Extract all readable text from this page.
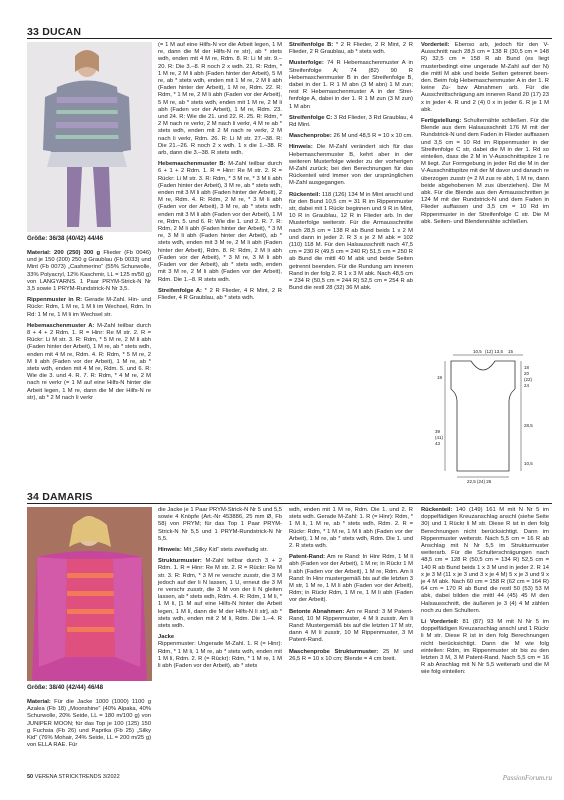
33 DUCAN
Größe: 36/38 (40/42) 44/46

Material: 200 (250) 300 g Flieder (Fb 0046) und je 150 (200) 250 g Graublau (Fb 0033) und Mint (Fb 0073) „Cashmerino“ (55% Schurwolle, 33% Polyacryl, 12% Kaschmir, LL = 125 m/50 g) von LANGYARNS. 1 Paar PRYM-Strick-N Nr 3,5 sowie 1 PRYM-Rundstrick-N Nr 3,5.

Rippenmuster in R: Gerade M-Zahl. Hin- und Rückr: Rdm, 1 M re, 1 M li im Wechsel, Rdm. In Rd: 1 M re, 1 M li im Wechsel str.

Hebemaschenmuster A: M-Zahl teilbar durch 8 + 4 + 2 Rdm. 1. R = Hinr: Re M str. 2. R = Rückr: Li M str. 3. R: Rdm, * 5 M re, 2 M li abh (Faden hinter der Arbeit), 1 M re, ab * stets wdh, enden mit 4 M re, Rdm. 4. R: Rdm, * 5 M re, 2 M li abh (Faden vor der Arbeit), 1 M re, ab * stets wdh, enden mit 4 M re, Rdm. 5. und 6. R: Wie die 3. und 4. R. 7. R: Rdm, * 4 M re, 2 M nach re verkr (= 1 M auf eine Hilfs-N hinter die Arbeit legen, 1 M re, dann die M der Hilfs-N re str), ab * 2 M nach li verkr

(= 1 M auf eine Hilfs-N vor die Arbeit legen, 1 M re, dann die M der Hilfs-N re str), ab * stets wdh, enden mit 4 M re, Rdm. 8. R: Li M str. 9.–20. R: Die 3.–8. R noch 2 x wdh. 21. R: Rdm, * 1 M re, 2 M li abh (Faden hinter der Arbeit), 5 M re, ab * stets wdh, enden mit 1 M re, 2 M li abh (Faden hinter der Arbeit), 1 M re, Rdm. 22. R: Rdm, * 1 M re, 2 M li abh (Faden vor der Arbeit), 5 M re, ab * stets wdh, enden mit 1 M re, 2 M li abh (Faden vor der Arbeit), 1 M re, Rdm. 23. und 24. R: Wie die 21. und 22. R. 25. R: Rdm, * 2 M nach re verkr, 2 M nach li verkr, 4 M re ab * stets wdh, enden mit 2 M nach re verkr, 2 M nach li verkr, Rdm. 26. R: Li M str. 27.–38. R: Die 21.–26. R noch 2 x wdh. 1 x die 1.–38. R arb, dann die 3.–38. R stets wdh.

Hebemaschenmuster B: M-Zahl teilbar durch 6 + 1 + 2 Rdm. 1. R = Hinr: Re M str. 2. R = Rückr: Li M str. 3. R: Rdm, * 3 M re, * 3 M li abh (Faden hinter der Arbeit), 3 M re, ab * stets wdh, enden mit 3 M li abh (Faden hinter der Arbeit), 2 M re, Rdm. 4. R: Rdm, 2 M re, * 3 M li abh (Faden vor der Arbeit), 3 M re, ab * stets wdh, enden mit 3 M li abh (Faden vor der Arbeit), 1 M re, Rdm. 5. und 6. R: Wie die 1. und 2. R. 7. R: Rdm, 2 M li abh (Faden hinter der Arbeit), * 3 M re, 3 M li abh (Faden hinter der Arbeit), ab * stets wdh, enden mit 3 M re, 2 M li abh (Faden hinter der Arbeit), Rdm. 8. R: Rdm, 2 M li abh (Faden vor der Arbeit), * 3 M re, 3 M li abh (Faden vor der Arbeit), ab * stets wdh, enden mit 3 M re, 2 M li abh (Faden vor der Arbeit), Rdm. Die 1.–8. R stets wdh.

Streifenfolge A: * 2 R Flieder, 4 R Mint, 2 R Flieder, 4 R Graublau, ab * stets wdh.

Streifenfolge B: * 2 R Flieder, 2 R Mint, 2 R Flieder, 2 R Graublau, ab * stets wdh.

Musterfolge: 74 R Hebemaschenmuster A in Streifenfolge A; 74 (82) 90 R Hebemaschenmuster B in der Streifenfolge B, dabei in der 1. R 1 M abn (3 M abn) 1 M zun; rest R Hebemaschenmuster A in der Streifenfolge A, dabei in der 1. R 1 M zun (3 M zun) 1 M abn

Streifenfolge C: 3 Rd Flieder, 3 Rd Graublau, 4 Rd Mint.

Maschenprobe: 26 M und 48,5 R = 10 x 10 cm.

Hinweis: Die M-Zahl verändert sich für das Hebemaschenmuster B, kehrt aber in der weiteren Musterfolge wieder zu der vorherigen M-Zahl zurück; bei den Berechnungen für das Rückenteil wird immer von der ursprünglichen M-Zahl ausgegangen.

Rückenteil: 118 (126) 134 M in Mint anschl und für den Bund 10,5 cm = 31 R im Rippenmuster str, dabei mit 1 Rückr beginnen und 9 R in Mint, 10 R in Graublau, 12 R in Flieder arb. In der Musterfolge weiterstr. Für die Armausschnitte nach 28,5 cm = 138 R ab Bund beids 1 x 2 M und dann in jeder 2. R 3 x je 2 M abk = 102 (110) 118 M. Für den Halsausschnitt nach 47,5 cm = 230 R (49,5 cm = 240 R) 51,5 cm = 250 R ab Bund die mittl 40 M abk und beide Seiten getrennt beenden. Für die Rundung am inneren Rand in der folg 2. R 1 x 3 M abk. Nach 48,5 cm = 234 R (50,5 cm = 244 R) 52,5 cm = 254 R ab Bund die restl 28 (32) 36 M abk.

Vorderteil: Ebenso arb, jedoch für den V-Ausschnitt nach 28,5 cm = 138 R (30,5 cm = 148 R) 32,5 cm = 158 R ab Bund (es liegt musterbedingt eine ungerade M-Zahl auf der N) die mittl M abk und beide Seiten getrennt beenden. Beim folg Hebemaschenmuster A in der 1. R keine Zu- bzw Abnahmen arb. Für die Ausschnittschrägung am inneren Rand 20 (17) 23 x in jeder 4. R und 2 (4) 0 x in jeder 6. R je 1 M abk.

Fertigstellung: Schulternähte schließen. Für die Blende aus dem Halsausschnitt 176 M mit der Rundstrick-N und dem Faden in Flieder auffassen und 3,5 cm = 10 Rd im Rippenmuster in der Streifenfolge C str, dabei die M in der 1. Rd so einteilen, dass die 2 M in V-Ausschnittspitze 1 re M liegt. Zur Formgebung in jeder Rd die M in der V-Ausschnittspitze mit der M davor und danach re überzogen zusstr (= 2 M zus re abh, 1 M re, dann beide abgehobenen M zus überziehen). Die M abk. Für die Blende aus den Armausschnitten je 124 M mit der Rundstrick-N und dem Faden in Flieder auffassen und 3,5 cm = 10 Rd im Rippenmuster in der Streifenfolge C str. Die M abk. Seiten- und Blendennähte schließen.

10,5 (12) 13,5 15
19
39
(41)
43
18
20
(22)
24
28,5
10,5
22,5 (24) 26
34 DAMARIS
Größe: 38/40 (42/44) 46/48

Material: Für die Jacke 1000 (1000) 1100 g Azalea (Fb 18) „Moonshine“ (40% Alpaka, 40% Schurwolle, 20% Seide, LL = 180 m/100 g) von JUNIPER MOON; für das Top je 100 (125) 150 g Fuchsia (Fb 26) und Paprika (Fb 25) „Silky Kid“ (76% Mohair, 24% Seide, LL = 200 m/25 g) von ELLA RAE. Für

die Jacke je 1 Paar PRYM-Strick-N Nr 5 und 5,5 sowie 4 Knöpfe (Art.-Nr 453886, 25 mm Ø, Fb 58) von PRYM; für das Top 1 Paar PRYM-Strick-N Nr 5,5 und 1 PRYM-Rundstrick-N Nr 5,5.

Hinweis: Mit „Silky Kid“ stets zweifadig str.

Strukturmuster: M-Zahl teilbar durch 3 + 2 Rdm. 1. R = Hinr: Re M str. 2. R = Rückr: Re M str. 3. R: Rdm, * 3 M re verschr zusstr, die 3 M jedoch auf der li N lassen, 1 U, erneut die 3 M re verschr zusstr, die 3 M von der li N gleiten lassen, ab * stets wdh, Rdm. 4. R: Rdm, 1 M li, * 1 M li, [1 M auf eine Hilfs-N hinter die Arbeit legen, 1 M li, dann die M der Hilfs-N li str], ab * stets wdh, enden mit 2 M li, Rdm. Die 1.–4. R stets wdh.

Jacke
Rippenmuster: Ungerade M-Zahl. 1. R (= Hinr): Rdm, * 1 M li, 1 M re, ab * stets wdh, enden mit 1 M li, Rdm. 2. R (= Rückr): Rdm, * 1 M re, 1 M li abh (Faden vor der Arbeit), ab * stets

wdh, enden mit 1 M re, Rdm. Die 1. und 2. R stets wdh. Gerade M-Zahl: 1. R (= Hinr): Rdm, * 1 M li, 1 M re, ab * stets wdh, Rdm. 2. R = Rückr: Rdm, * 1 M re, 1 M li abh (Faden vor der Arbeit), 1 M re, ab * stets wdh, Rdm. Die 1. und 2. R stets wdh.

Patent-Rand: Am re Rand: In Hinr Rdm, 1 M li abh (Faden vor der Arbeit), 1 M re; in Rückr 1 M li abh (Faden vor der Arbeit), 1 M re, Rdm. Am li Rand: In Hinr mustergemäß bis auf die letzten 3 M str, 1 M re, 1 M li abh (Faden vor der Arbeit), Rdm; in Rückr Rdm, 1 M re, 1 M li abh (Faden vor der Arbeit).

Betonte Abnahmen: Am re Rand: 3 M Patent-Rand, 10 M Rippenmuster, 4 M li zusstr. Am li Rand: Mustergemäß bis auf die letzten 17 M str, dann 4 M li zusstr, 10 M Rippenmuster, 3 M Patent-Rand.

Maschenprobe Strukturmuster: 25 M und 26,5 R = 10 x 10 cm; Blende = 4 cm breit.

Rückenteil: 140 (149) 161 M mit N Nr 5 im doppelfädigen Kreuzanschlag anschl (siehe Seite 30) und 1 Rückr li M str. Diese R ist in den folg Berechnungen nicht berücksichtigt. Dann im Rippenmuster weiterstr. Nach 5,5 cm = 16 R ab Anschlag mit N Nr 5,5 im Strukturmuster weiterarb. Für die Schulterschrägungen nach 48,5 cm = 128 R (50,5 cm = 134 R) 52,5 cm = 140 R ab Bund beids 1 x 3 M und in jeder 2. R 14 x je 3 M (11 x je 3 und 3 x je 4 M) 5 x je 3 und 9 x je 4 M abk. Nach 60 cm = 158 R (62 cm = 164 R) 64 cm = 170 R ab Bund die restl 50 (53) 53 M abk, dabei bilden die mittl 44 (45) 45 M den Halsausschnitt, die äußeren je 3 (4) 4 M zählen noch zu den Schultern.

Li Vorderteil: 81 (87) 93 M mit N Nr 5 im doppelfädigen Kreuzanschlag anschl und 1 Rückr li M str. Diese R ist in den folg Berechnungen nicht berücksichtigt. Dann die M wie folg einteilen: Rdm, im Rippenmuster str bis zu den letzten 3 M, 3 M Patent-Rand. Nach 5,5 cm = 16 R ab Anschlag mit N Nr 5,5 weiterarb und die M wie folg einteilen:

50 VERENA STRICKTRENDS 3/2022	PassionForum.ru
